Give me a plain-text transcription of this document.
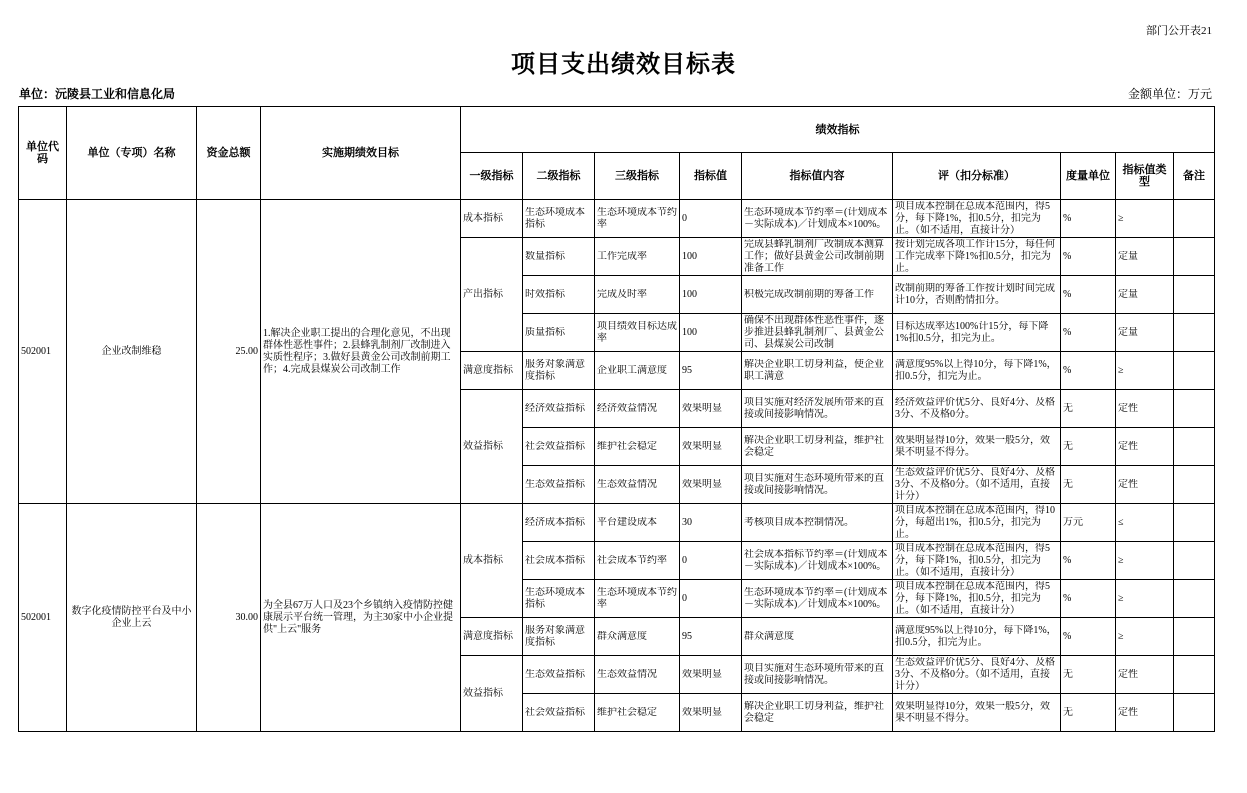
部门公开表21
项目支出绩效目标表
单位：沅陵县工业和信息化局	金额单位：万元
单位代码	单位（专项）名称	资金总额	实施期绩效目标	绩效指标								
				一级指标	二级指标	三级指标	指标值	指标值内容	评（扣分标准）	度量单位	指标值类型	备注
502001	企业改制维稳	25.00	1.解决企业职工提出的合理化意见，不出现群体性恶性事件；2.县蜂乳制剂厂改制进入实质性程序；3.做好县黄金公司改制前期工作；4.完成县煤炭公司改制工作	成本指标	生态环境成本指标	生态环境成本节约率	0	生态环境成本节约率＝(计划成本－实际成本)／计划成本×100%。	项目成本控制在总成本范围内，得5分，每下降1%，扣0.5分，扣完为止。（如不适用，直接计分）	%	≥	

				产出指标	数量指标	工作完成率	100	完成县蜂乳制剂厂改制成本测算工作；做好县黄金公司改制前期准备工作	按计划完成各项工作计15分，每任何工作完成率下降1%扣0.5分，扣完为止。	%	定量	

					时效指标	完成及时率	100	积极完成改制前期的筹备工作	改制前期的筹备工作按计划时间完成计10分，否则酌情扣分。	%	定量	

					质量指标	项目绩效目标达成率	100	确保不出现群体性恶性事件，逐步推进县蜂乳制剂厂、县黄金公司、县煤炭公司改制	目标达成率达100%计15分，每下降1%扣0.5分，扣完为止。	%	定量	

				满意度指标	服务对象满意度指标	企业职工满意度	95	解决企业职工切身利益，使企业职工满意	满意度95%以上得10分，每下降1%，扣0.5分，扣完为止。	%	≥	

				效益指标	经济效益指标	经济效益情况	效果明显	项目实施对经济发展所带来的直接或间接影响情况。	经济效益评价优5分、良好4分、及格3分、不及格0分。	无	定性	

					社会效益指标	维护社会稳定	效果明显	解决企业职工切身利益，维护社会稳定	效果明显得10分，效果一般5分，效果不明显不得分。	无	定性	

					生态效益指标	生态效益情况	效果明显	项目实施对生态环境所带来的直接或间接影响情况。	生态效益评价优5分、良好4分、及格3分、不及格0分。（如不适用，直接计分）	无	定性	

502001	数字化疫情防控平台及中小企业上云	30.00	为全县67万人口及23个乡镇纳入疫情防控健康展示平台统一管理，为主30家中小企业提供"上云"服务	成本指标	经济成本指标	平台建设成本	30	考核项目成本控制情况。	项目成本控制在总成本范围内，得10分，每超出1%，扣0.5分，扣完为止。	万元	≤	

					社会成本指标	社会成本节约率	0	社会成本指标节约率＝(计划成本－实际成本)／计划成本×100%。	项目成本控制在总成本范围内，得5分，每下降1%，扣0.5分，扣完为止。（如不适用，直接计分）	%	≥	

					生态环境成本指标	生态环境成本节约率	0	生态环境成本节约率＝(计划成本－实际成本)／计划成本×100%。	项目成本控制在总成本范围内，得5分，每下降1%，扣0.5分，扣完为止。（如不适用，直接计分）	%	≥	

				满意度指标	服务对象满意度指标	群众满意度	95	群众满意度	满意度95%以上得10分，每下降1%，扣0.5分，扣完为止。	%	≥	

				效益指标	生态效益指标	生态效益情况	效果明显	项目实施对生态环境所带来的直接或间接影响情况。	生态效益评价优5分、良好4分、及格3分、不及格0分。（如不适用，直接计分）	无	定性	

					社会效益指标	维护社会稳定	效果明显	解决企业职工切身利益，维护社会稳定	效果明显得10分，效果一般5分，效果不明显不得分。	无	定性	
